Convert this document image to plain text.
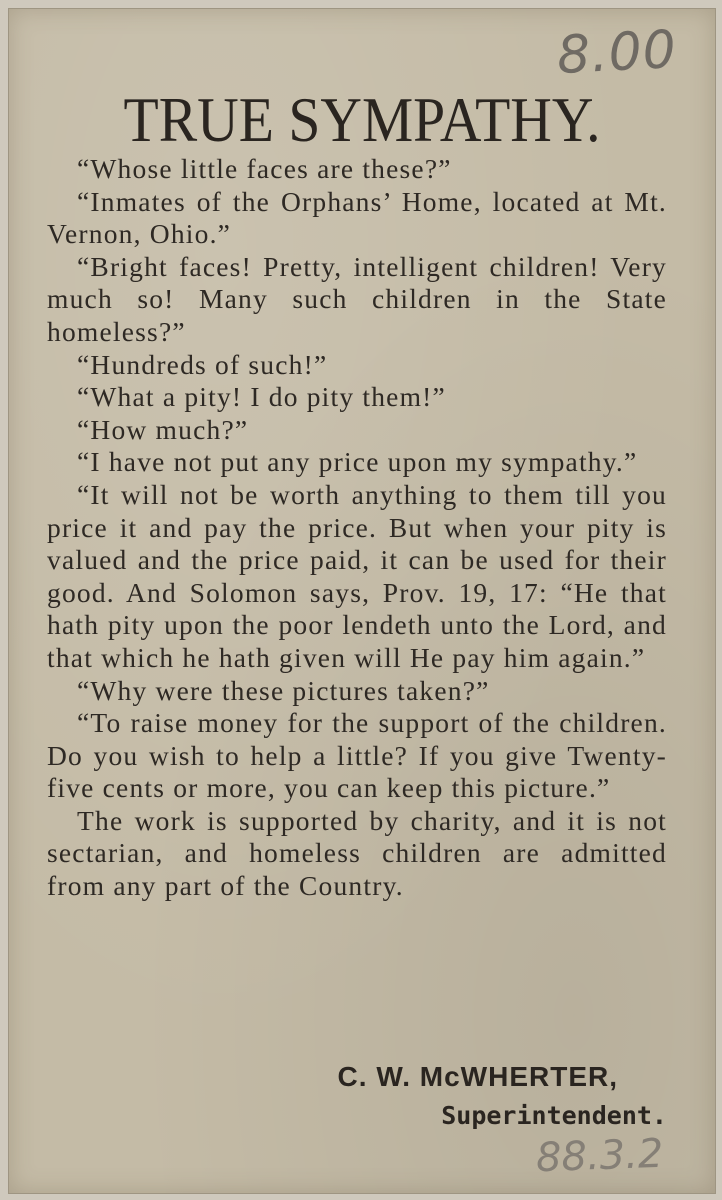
8.00
TRUE SYMPATHY.

“Whose little faces are these?”

“Inmates of the Orphans’ Home, located at Mt. Vernon, Ohio.”

“Bright faces! Pretty, intelligent children! Very much so! Many such children in the State homeless?”

“Hundreds of such!”

“What a pity! I do pity them!”

“How much?”

“I have not put any price upon my sympathy.”

“It will not be worth anything to them till you price it and pay the price. But when your pity is valued and the price paid, it can be used for their good. And Solomon says, Prov. 19, 17: “He that hath pity upon the poor lendeth unto the Lord, and that which he hath given will He pay him again.”

“Why were these pictures taken?”

“To raise money for the support of the children. Do you wish to help a little? If you give Twenty-five cents or more, you can keep this picture.”

The work is supported by charity, and it is not sectarian, and homeless children are admitted from any part of the Country.

C. W. McWHERTER,
Superintendent.
88.3.2
